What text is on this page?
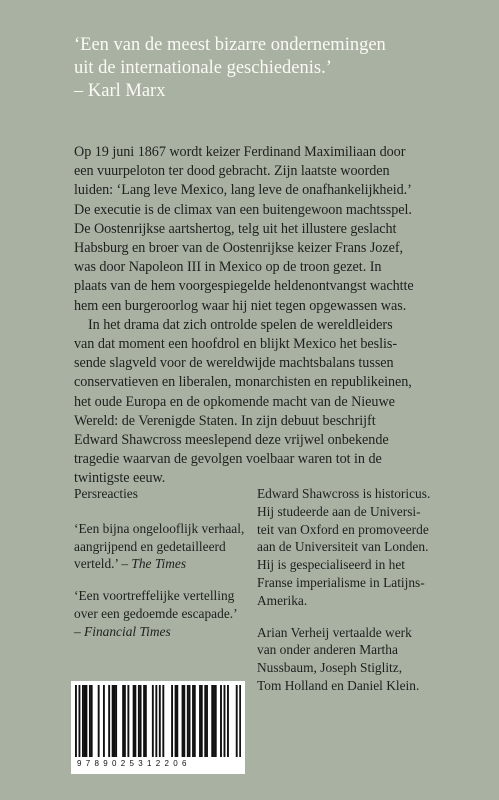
‘Een van de meest bizarre ondernemingen
uit de internationale geschiedenis.’
– Karl Marx
Op 19 juni 1867 wordt keizer Ferdinand Maximiliaan door
een vuurpeloton ter dood gebracht. Zijn laatste woorden
luiden: ‘Lang leve Mexico, lang leve de onafhankelijkheid.’
De executie is de climax van een buitengewoon machtsspel.
De Oostenrijkse aartshertog, telg uit het illustere geslacht
Habsburg en broer van de Oostenrijkse keizer Frans Jozef,
was door Napoleon III in Mexico op de troon gezet. In
plaats van de hem voorgespiegelde heldenontvangst wachtte
hem een burgeroorlog waar hij niet tegen opgewassen was.
In het drama dat zich ontrolde spelen de wereldleiders
van dat moment een hoofdrol en blijkt Mexico het beslis-
sende slagveld voor de wereldwijde machtsbalans tussen
conservatieven en liberalen, monarchisten en republikeinen,
het oude Europa en de opkomende macht van de Nieuwe
Wereld: de Verenigde Staten. In zijn debuut beschrijft
Edward Shawcross meeslepend deze vrijwel onbekende
tragedie waarvan de gevolgen voelbaar waren tot in de
twintigste eeuw.
Persreacties
‘Een bijna ongelooflijk verhaal,
aangrijpend en gedetailleerd
verteld.’ – The Times
‘Een voortreffelijke vertelling
over een gedoemde escapade.’
– Financial Times
Edward Shawcross is historicus.
Hij studeerde aan de Universi-
teit van Oxford en promoveerde
aan de Universiteit van Londen.
Hij is gespecialiseerd in het
Franse imperialisme in Latijns-
Amerika.
Arian Verheij vertaalde werk
van onder anderen Martha
Nussbaum, Joseph Stiglitz,
Tom Holland en Daniel Klein.
9789025312206
